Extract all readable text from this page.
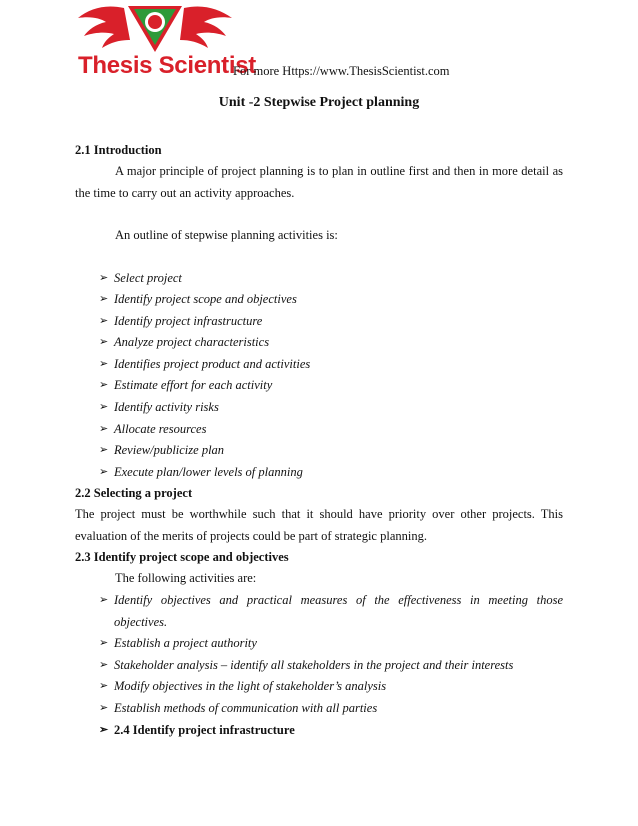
Thesis Scientist
For more Https://www.ThesisScientist.com
Unit -2 Stepwise Project planning

2.1 Introduction

A major principle of project planning is to plan in outline first and then in more detail as the time to carry out an activity approaches.

An outline of stepwise planning activities is:

➢ Select project
➢ Identify project scope and objectives
➢ Identify project infrastructure
➢ Analyze project characteristics
➢ Identifies project product and activities
➢ Estimate effort for each activity
➢ Identify activity risks
➢ Allocate resources
➢ Review/publicize plan
➢ Execute plan/lower levels of planning

2.2 Selecting a project

The project must be worthwhile such that it should have priority over other projects. This evaluation of the merits of projects could be part of strategic planning.

2.3 Identify project scope and objectives

The following activities are:

➢ Identify objectives and practical measures of the effectiveness in meeting those objectives.
➢ Establish a project authority
➢ Stakeholder analysis – identify all stakeholders in the project and their interests
➢ Modify objectives in the light of stakeholder’s analysis
➢ Establish methods of communication with all parties
➢ 2.4 Identify project infrastructure
